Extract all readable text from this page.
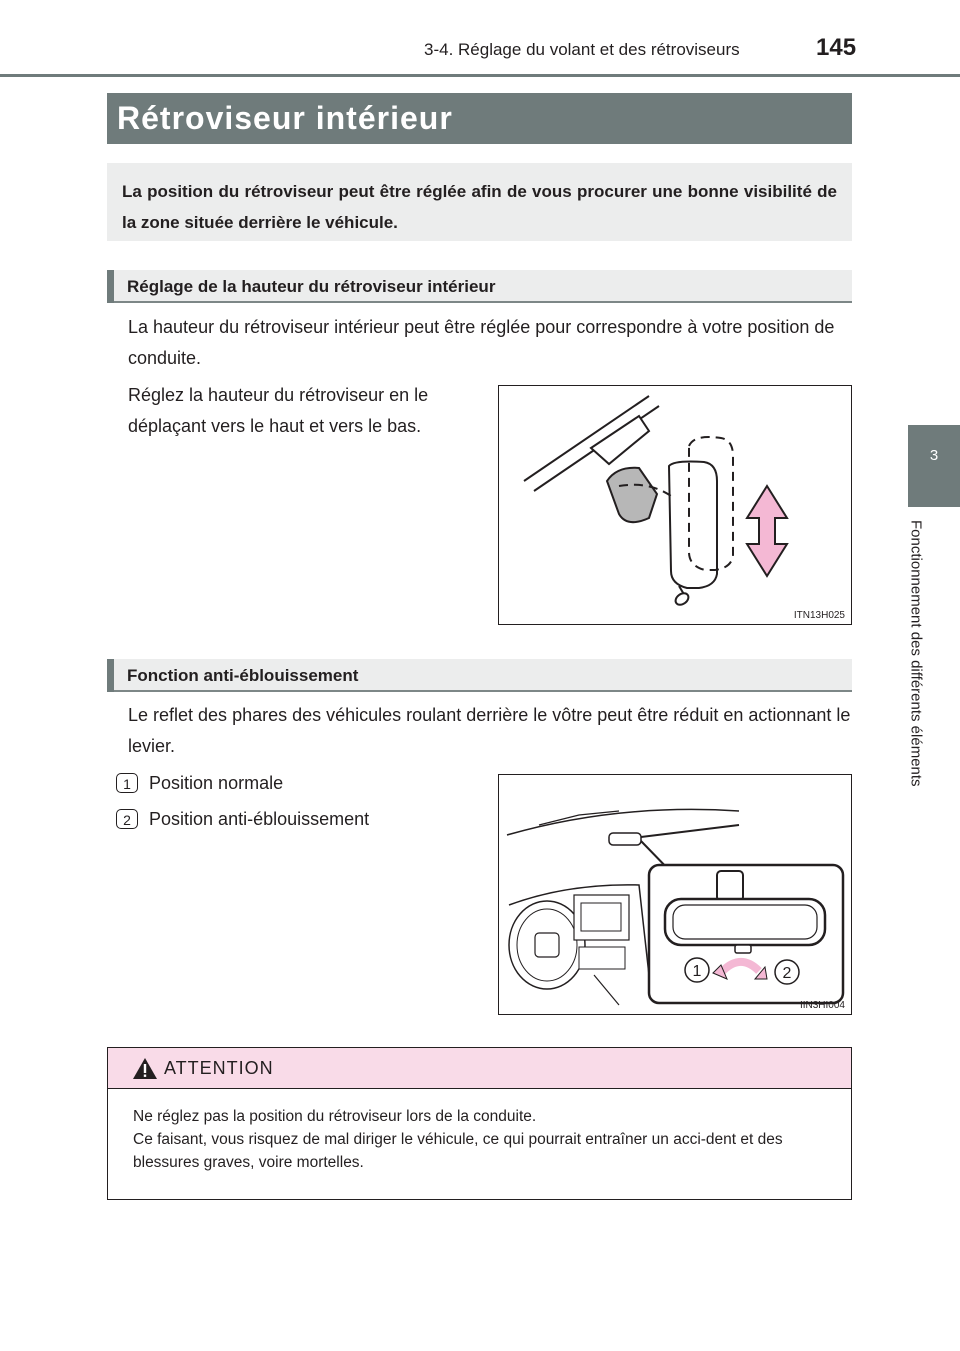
3-4. Réglage du volant et des rétroviseurs	145
3
Fonctionnement des différents éléments
Rétroviseur intérieur
La position du rétroviseur peut être réglée afin de vous procurer une bonne visibilité de la zone située derrière le véhicule.
Réglage de la hauteur du rétroviseur intérieur
La hauteur du rétroviseur intérieur peut être réglée pour correspondre à votre position de conduite.
Réglez la hauteur du rétroviseur en le déplaçant vers le haut et vers le bas.
ITN13H025
Fonction anti-éblouissement
Le reflet des phares des véhicules roulant derrière le vôtre peut être réduit en actionnant le levier.
1 Position normale
2 Position anti-éblouissement
1	2
IIN3HI004
ATTENTION

Ne réglez pas la position du rétroviseur lors de la conduite.

Ce faisant, vous risquez de mal diriger le véhicule, ce qui pourrait entraîner un acci-dent et des blessures graves, voire mortelles.
